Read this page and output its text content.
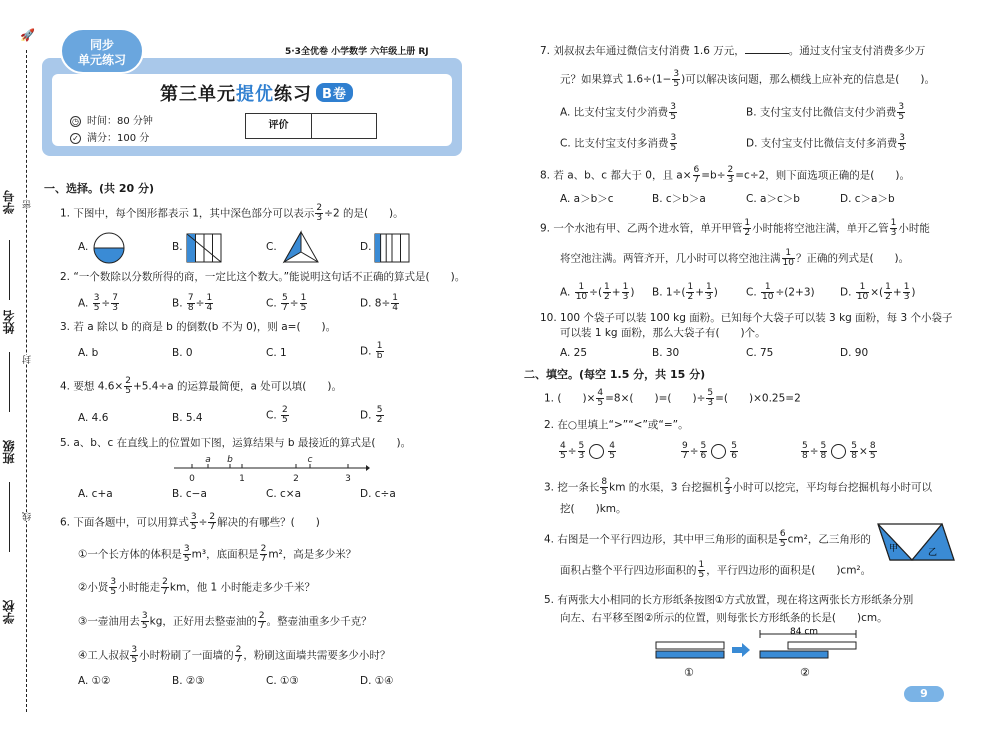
🚀
学号
姓名
班级
学校
密
封
线
同步
单元练习
5·3全优卷 小学数学 六年级上册 RJ
第三单元提优练习 B卷
◷ 时间：80 分钟
✓ 满分：100 分
评价
一、选择。(共 20 分)
1. 下图中，每个图形都表示 1，其中深色部分可以表示 $\frac{2}{3} \div 2$ 的是(　　)。
A.	B.	C.	D.
2. “一个数除以分数所得的商，一定比这个数大。”能说明这句话不正确的算式是(　　)。
A. $\frac{3}{5} \div \frac{7}{3}$	B. $\frac{7}{8} \div \frac{1}{4}$	C. $\frac{5}{7} \div \frac{1}{5}$	D. $8\div \frac{1}{4}$
3. 若 a 除以 b 的商是 b 的倒数(b 不为 0)，则 a=(　　)。
A. b	B. 0	C. 1	D. $\frac{1}{b}$
4. 要想 $4.6\times \frac{2}{5} +5.4\div a$ 的运算最简便，a 处可以填(　　)。
A. 4.6	B. 5.4	C. $\frac{2}{5}$	D. $\frac{5}{2}$
5. a、b、c 在直线上的位置如下图，运算结果与 b 最接近的算式是(　　)。
0	1	2	3
a b	c
A. c+a	B. c−a	C. c×a	D. c÷a
6. 下面各题中，可以用算式 $\frac{3}{5} \div \frac{2}{7}$ 解决的有哪些？(　　)
①一个长方体的体积是 $\frac{3}{5} m^3$，底面积是 $\frac{2}{7} m^2$，高是多少米？
②小贤 $\frac{3}{5}$ 小时能走 $\frac{2}{7}$ km，他 1 小时能走多少千米？
③一壶油用去 $\frac{3}{5}$ kg，正好用去整壶油的 $\frac{2}{7}$ 。整壶油重多少千克？
④工人叔叔 $\frac{3}{5}$ 小时粉刷了一面墙的 $\frac{2}{7}$ ，粉刷这面墙共需要多少小时？
A. ①②	B. ②③	C. ①③	D. ①④
7. 刘叔叔去年通过微信支付消费 1.6 万元，	。通过支付宝支付消费多少万
元？如果算式 $1.6\div(1- \frac{3}{5}$ )可以解决该问题，那么横线上应补充的信息是(　　)。
A. 比支付宝支付少消费 $\frac{3}{5}$	B. 支付宝支付比微信支付少消费 $\frac{3}{5}$
C. 比支付宝支付多消费 $\frac{3}{5}$	D. 支付宝支付比微信支付多消费 $\frac{3}{5}$
8. 若 a、b、c 都大于 0，且 $a\times \frac{6}{7} =b\div \frac{2}{3} =c\div 2$，则下面选项正确的是(　　)。
A. a＞b＞c	B. c＞b＞a	C. a＞c＞b	D. c＞a＞b
9. 一个水池有甲、乙两个进水管，单开甲管 $\frac{1}{2}$ 小时能将空池注满，单开乙管 $\frac{1}{3}$ 小时能
将空池注满。两管齐开，几小时可以将空池注满 $\frac{1}{10}$ ？正确的列式是(　　)。
A. $\frac{1}{10}$ ÷( $\frac{1}{2} + \frac{1}{3}$ ) B. $1\div( \frac{1}{2} + \frac{1}{3}$ )	C. $\frac{1}{10} \div(2+3)$ D. $\frac{1}{10}$ ×( $\frac{1}{2} + \frac{1}{3}$ )
10. 100 个袋子可以装 100 kg 面粉。已知每个大袋子可以装 3 kg 面粉，每 3 个小袋子
可以装 1 kg 面粉，那么大袋子有(　　)个。
A. 25	B. 30	C. 75	D. 90
二、填空。(每空 1.5 分，共 15 分)
1. (　　)× $\frac{4}{5} =8\times$(　　)=(　　)÷ $\frac{5}{3}$ =(　　)×0.25=2
2. 在○里填上“>”“<”或“=”。
$\frac{4}{5} \div \frac{5}{3}$	$\frac{4}{5}$	$\frac{9}{7} \div \frac{5}{6}$	$\frac{5}{6}$	$\frac{5}{8} \div \frac{5}{8}$	$\frac{5}{8} \times \frac{8}{5}$
3. 挖一条长 $\frac{8}{5}$ km 的水渠，3 台挖掘机 $\frac{2}{3}$ 小时可以挖完，平均每台挖掘机每小时可以
挖(　　)km。
4. 右图是一个平行四边形，其中甲三角形的面积是 $\frac{6}{5} cm^2$，乙三角形的
面积占整个平行四边形面积的 $\frac{1}{5}$ ，平行四边形的面积是(　　)cm²。
甲	乙
5. 有两张大小相同的长方形纸条按图①方式放置，现在将这两张长方形纸条分别
向左、右平移至图②所示的位置，则每张长方形纸条的长是(　　)cm。
①
84 cm
②
9
